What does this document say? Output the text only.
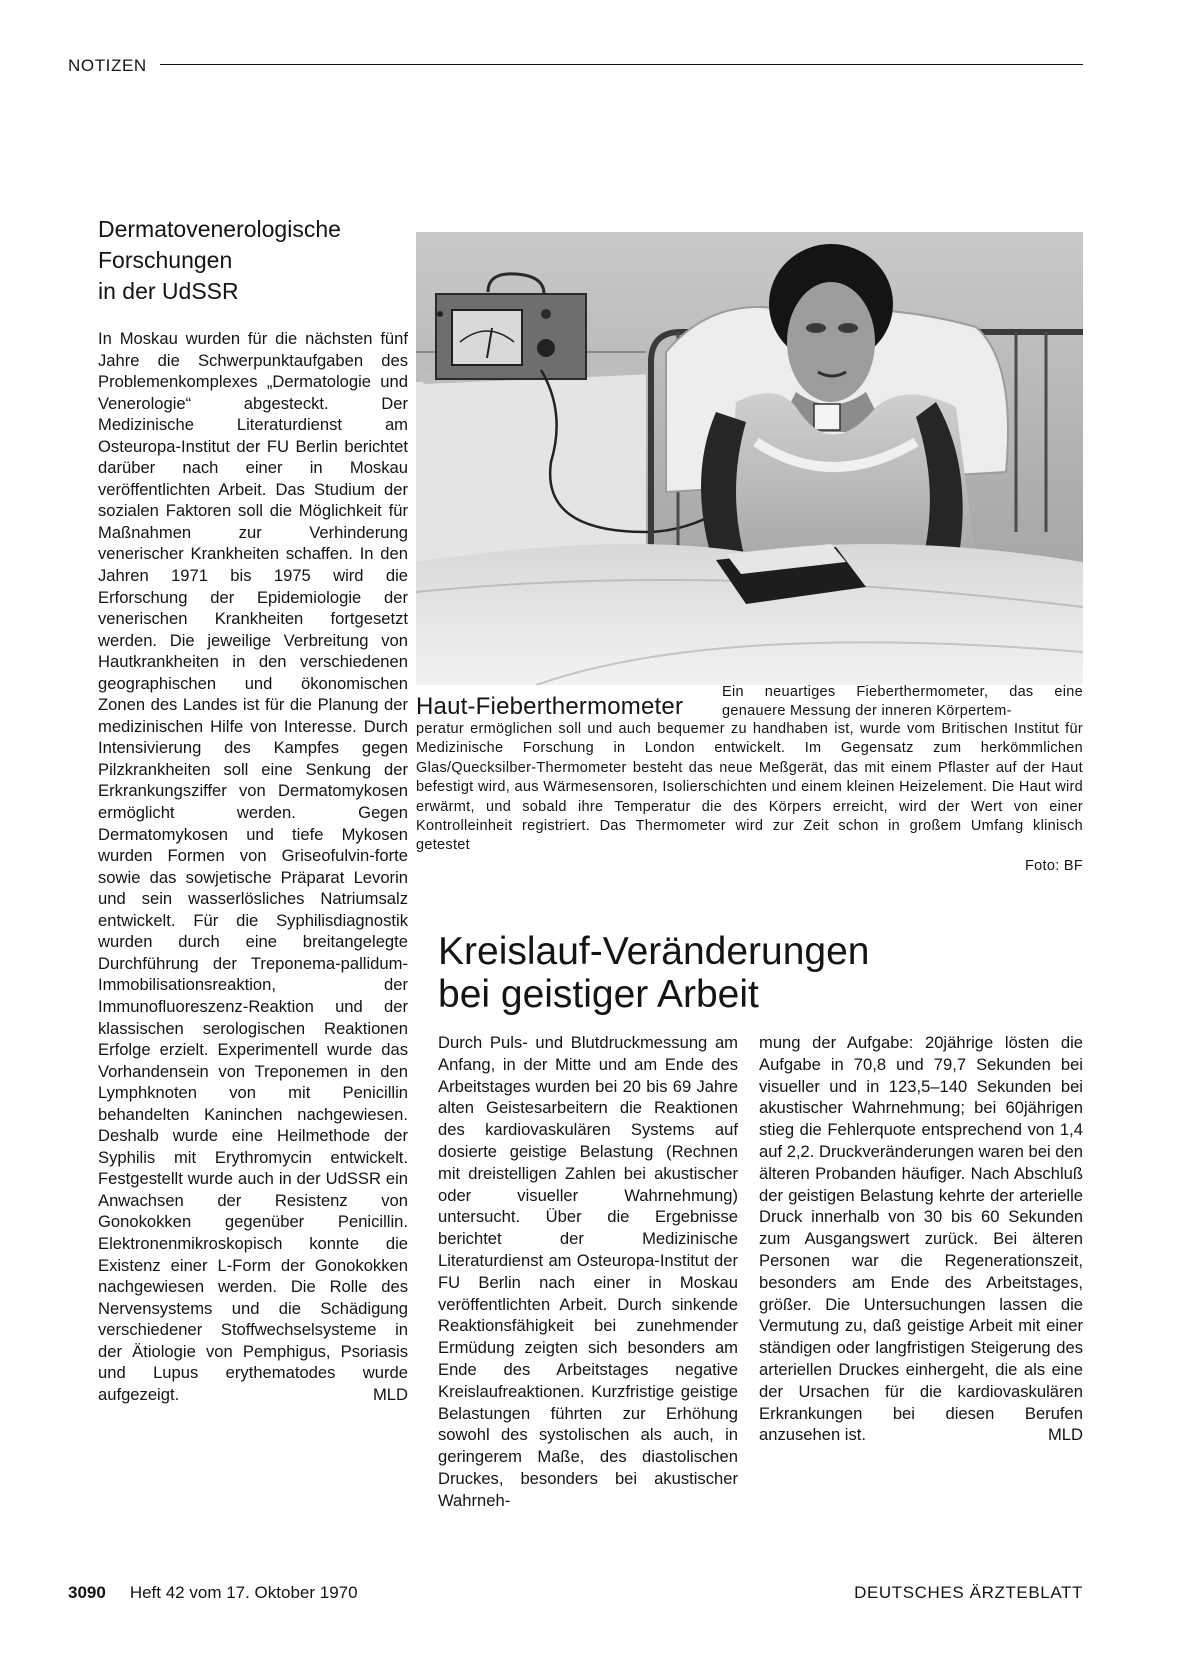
NOTIZEN
Dermatovenerologische
Forschungen
in der UdSSR

In Moskau wurden für die nächsten fünf Jahre die Schwerpunktaufgaben des Problemenkomplexes „Dermatologie und Venerologie“ abgesteckt. Der Medizinische Literaturdienst am Osteuropa-Institut der FU Berlin berichtet darüber nach einer in Moskau veröffentlichten Arbeit. Das Studium der sozialen Faktoren soll die Möglichkeit für Maßnahmen zur Verhinderung venerischer Krankheiten schaffen. In den Jahren 1971 bis 1975 wird die Erforschung der Epidemiologie der venerischen Krankheiten fortgesetzt werden. Die jeweilige Verbreitung von Hautkrankheiten in den verschiedenen geographischen und ökonomischen Zonen des Landes ist für die Planung der medizinischen Hilfe von Interesse. Durch Intensivierung des Kampfes gegen Pilzkrankheiten soll eine Senkung der Erkrankungsziffer von Dermatomykosen ermöglicht werden. Gegen Dermatomykosen und tiefe Mykosen wurden Formen von Griseofulvin-forte sowie das sowjetische Präparat Levorin und sein wasserlösliches Natriumsalz entwickelt. Für die Syphilisdiagnostik wurden durch eine breitangelegte Durchführung der Treponema-pallidum-Immobilisationsreaktion, der Immunofluoreszenz-Reaktion und der klassischen serologischen Reaktionen Erfolge erzielt. Experimentell wurde das Vorhandensein von Treponemen in den Lymphknoten von mit Penicillin behandelten Kaninchen nachgewiesen. Deshalb wurde eine Heilmethode der Syphilis mit Erythromycin entwickelt. Festgestellt wurde auch in der UdSSR ein Anwachsen der Resistenz von Gonokokken gegenüber Penicillin. Elektronenmikroskopisch konnte die Existenz einer L-Form der Gonokokken nachgewiesen werden. Die Rolle des Nervensystems und die Schädigung verschiedener Stoffwechselsysteme in der Ätiologie von Pemphigus, Psoriasis und Lupus erythematodes wurde aufgezeigt.	MLD

Haut-Fieberthermometer
Ein neuartiges Fieberthermometer, das eine genauere Messung der inneren Körpertem-
peratur ermöglichen soll und auch bequemer zu handhaben ist, wurde vom Britischen Institut für Medizinische Forschung in London entwickelt. Im Gegensatz zum herkömmlichen Glas/Quecksilber-Thermometer besteht das neue Meßgerät, das mit einem Pflaster auf der Haut befestigt wird, aus Wärmesensoren, Isolierschichten und einem kleinen Heizelement. Die Haut wird erwärmt, und sobald ihre Temperatur die des Körpers erreicht, wird der Wert von einer Kontrolleinheit registriert. Das Thermometer wird zur Zeit schon in großem Umfang klinisch getestet
Foto: BF
Kreislauf-Veränderungen
bei geistiger Arbeit
Durch Puls- und Blutdruckmessung am Anfang, in der Mitte und am Ende des Arbeitstages wurden bei 20 bis 69 Jahre alten Geistesarbeitern die Reaktionen des kardiovaskulären Systems auf dosierte geistige Belastung (Rechnen mit dreistelligen Zahlen bei akustischer oder visueller Wahrnehmung) untersucht. Über die Ergebnisse berichtet der Medizinische Literaturdienst am Osteuropa-Institut der FU Berlin nach einer in Moskau veröffentlichten Arbeit. Durch sinkende Reaktionsfähigkeit bei zunehmender Ermüdung zeigten sich besonders am Ende des Arbeitstages negative Kreislaufreaktionen. Kurzfristige geistige Belastungen führten zur Erhöhung sowohl des systolischen als auch, in geringerem Maße, des diastolischen Druckes, besonders bei akustischer Wahrneh-
mung der Aufgabe: 20jährige lösten die Aufgabe in 70,8 und 79,7 Sekunden bei visueller und in 123,5–140 Sekunden bei akustischer Wahrnehmung; bei 60jährigen stieg die Fehlerquote entsprechend von 1,4 auf 2,2. Druckveränderungen waren bei den älteren Probanden häufiger. Nach Abschluß der geistigen Belastung kehrte der arterielle Druck innerhalb von 30 bis 60 Sekunden zum Ausgangswert zurück. Bei älteren Personen war die Regenerationszeit, besonders am Ende des Arbeitstages, größer. Die Untersuchungen lassen die Vermutung zu, daß geistige Arbeit mit einer ständigen oder langfristigen Steigerung des arteriellen Druckes einhergeht, die als eine der Ursachen für die kardiovaskulären Erkrankungen bei diesen Berufen anzusehen ist.	MLD
3090 Heft 42 vom 17. Oktober 1970	DEUTSCHES ÄRZTEBLATT
